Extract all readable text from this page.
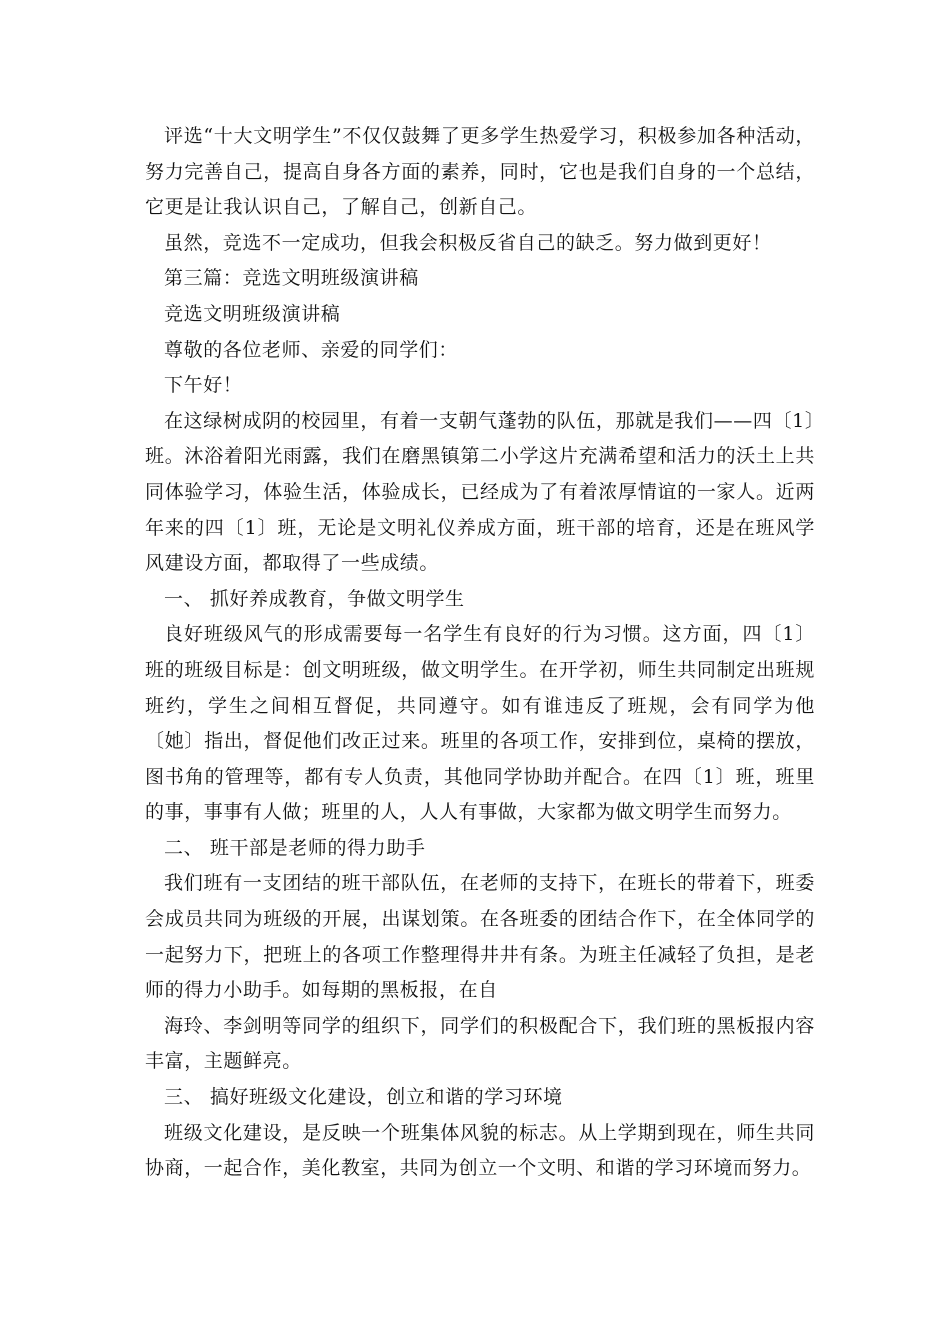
评选“十大文明学生”不仅仅鼓舞了更多学生热爱学习，积极参加各种活动，努力完善自己，提高自身各方面的素养，同时，它也是我们自身的一个总结，它更是让我认识自己，了解自己，创新自己。

虽然，竞选不一定成功，但我会积极反省自己的缺乏。努力做到更好！

第三篇：竞选文明班级演讲稿

竞选文明班级演讲稿

尊敬的各位老师、亲爱的同学们：

下午好！

在这绿树成阴的校园里，有着一支朝气蓬勃的队伍，那就是我们——四〔1〕班。沐浴着阳光雨露，我们在磨黑镇第二小学这片充满希望和活力的沃土上共同体验学习，体验生活，体验成长，已经成为了有着浓厚情谊的一家人。近两年来的四〔1〕班，无论是文明礼仪养成方面，班干部的培育，还是在班风学风建设方面，都取得了一些成绩。

一、 抓好养成教育，争做文明学生

良好班级风气的形成需要每一名学生有良好的行为习惯。这方面，四〔1〕班的班级目标是：创文明班级，做文明学生。在开学初，师生共同制定出班规班约，学生之间相互督促，共同遵守。如有谁违反了班规，会有同学为他〔她〕指出，督促他们改正过来。班里的各项工作，安排到位，桌椅的摆放，图书角的管理等，都有专人负责，其他同学协助并配合。在四〔1〕班，班里的事，事事有人做；班里的人，人人有事做，大家都为做文明学生而努力。

二、 班干部是老师的得力助手

我们班有一支团结的班干部队伍，在老师的支持下，在班长的带着下，班委会成员共同为班级的开展，出谋划策。在各班委的团结合作下，在全体同学的一起努力下，把班上的各项工作整理得井井有条。为班主任减轻了负担，是老师的得力小助手。如每期的黑板报，在自

海玲、李剑明等同学的组织下，同学们的积极配合下，我们班的黑板报内容丰富，主题鲜亮。

三、 搞好班级文化建设，创立和谐的学习环境

班级文化建设，是反映一个班集体风貌的标志。从上学期到现在，师生共同协商，一起合作，美化教室，共同为创立一个文明、和谐的学习环境而努力。
